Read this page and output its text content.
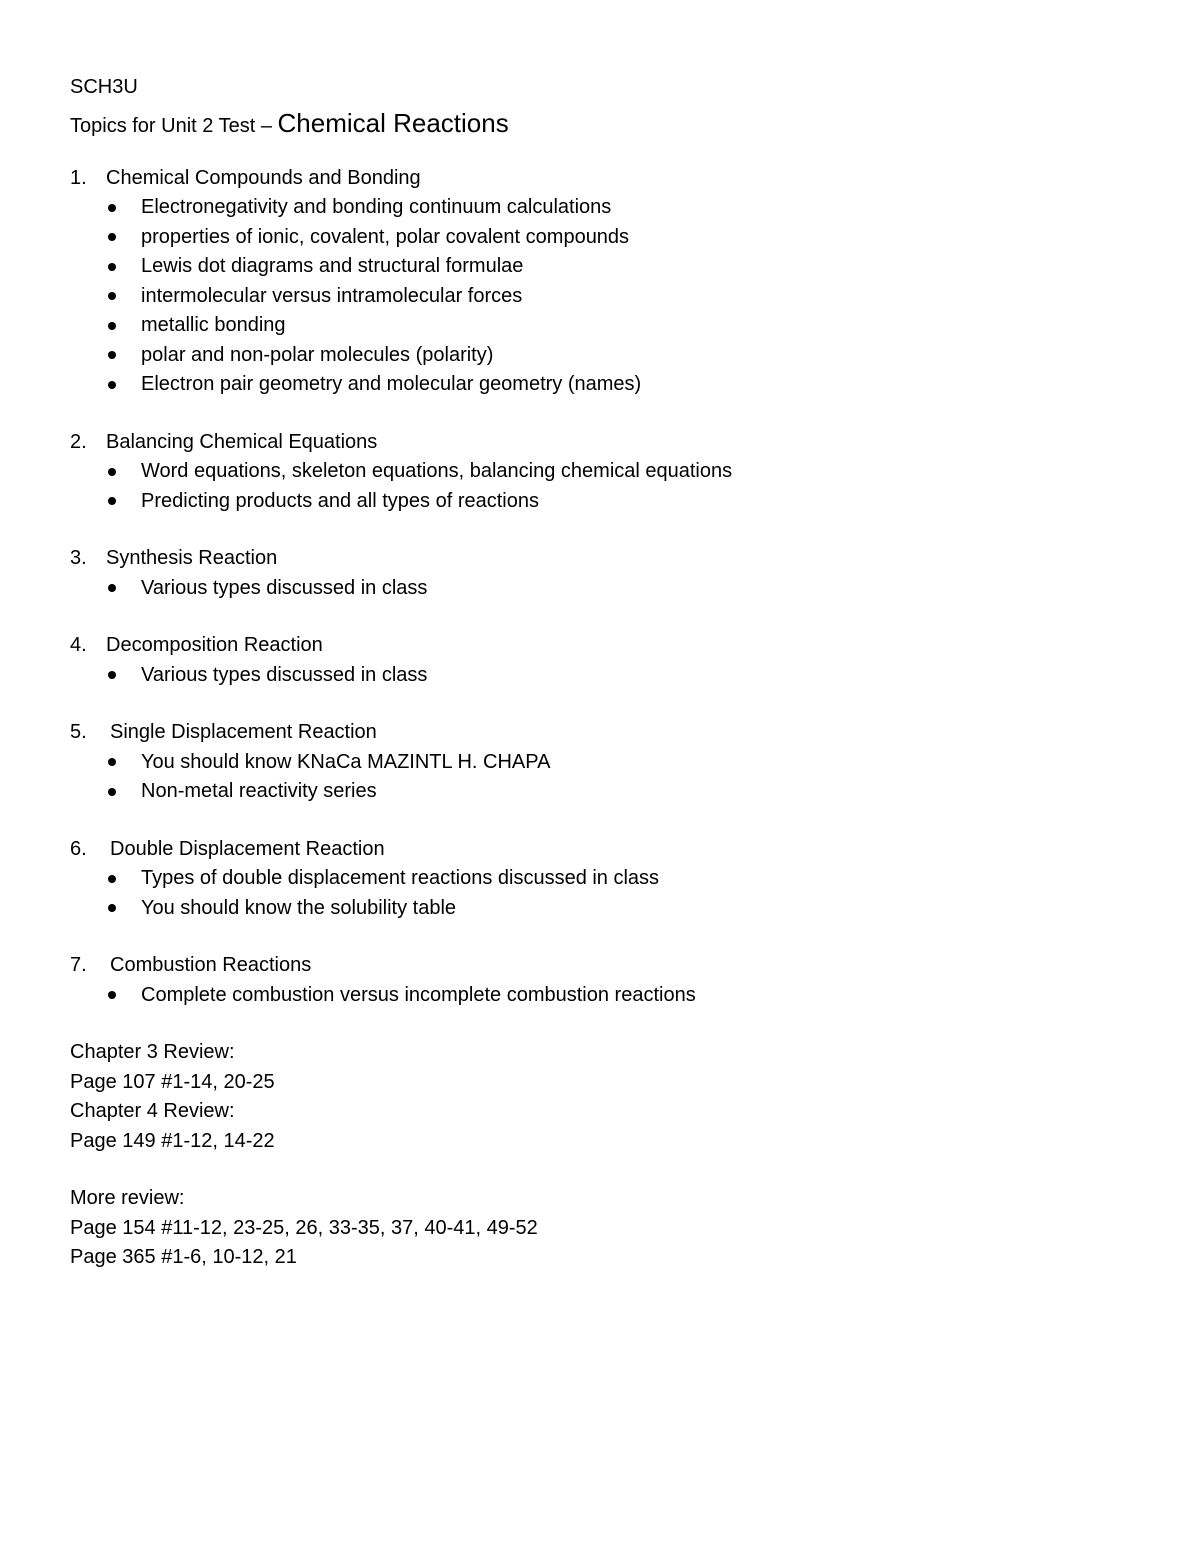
SCH3U

Topics for Unit 2 Test – Chemical Reactions

1. Chemical Compounds and Bonding
Electronegativity and bonding continuum calculations
properties of ionic, covalent, polar covalent compounds
Lewis dot diagrams and structural formulae
intermolecular versus intramolecular forces
metallic bonding
polar and non-polar molecules (polarity)
Electron pair geometry and molecular geometry (names)
2. Balancing Chemical Equations
Word equations, skeleton equations, balancing chemical equations
Predicting products and all types of reactions
3. Synthesis Reaction
Various types discussed in class
4. Decomposition Reaction
Various types discussed in class
5.	Single Displacement Reaction
You should know KNaCa MAZINTL H. CHAPA
Non-metal reactivity series
6.	Double Displacement Reaction
Types of double displacement reactions discussed in class
You should know the solubility table
7.	Combustion Reactions
Complete combustion versus incomplete combustion reactions

Chapter 3 Review:

Page 107 #1-14, 20-25

Chapter 4 Review:

Page 149 #1-12, 14-22

More review:

Page 154 #11-12, 23-25, 26, 33-35, 37, 40-41, 49-52

Page 365 #1-6, 10-12, 21
